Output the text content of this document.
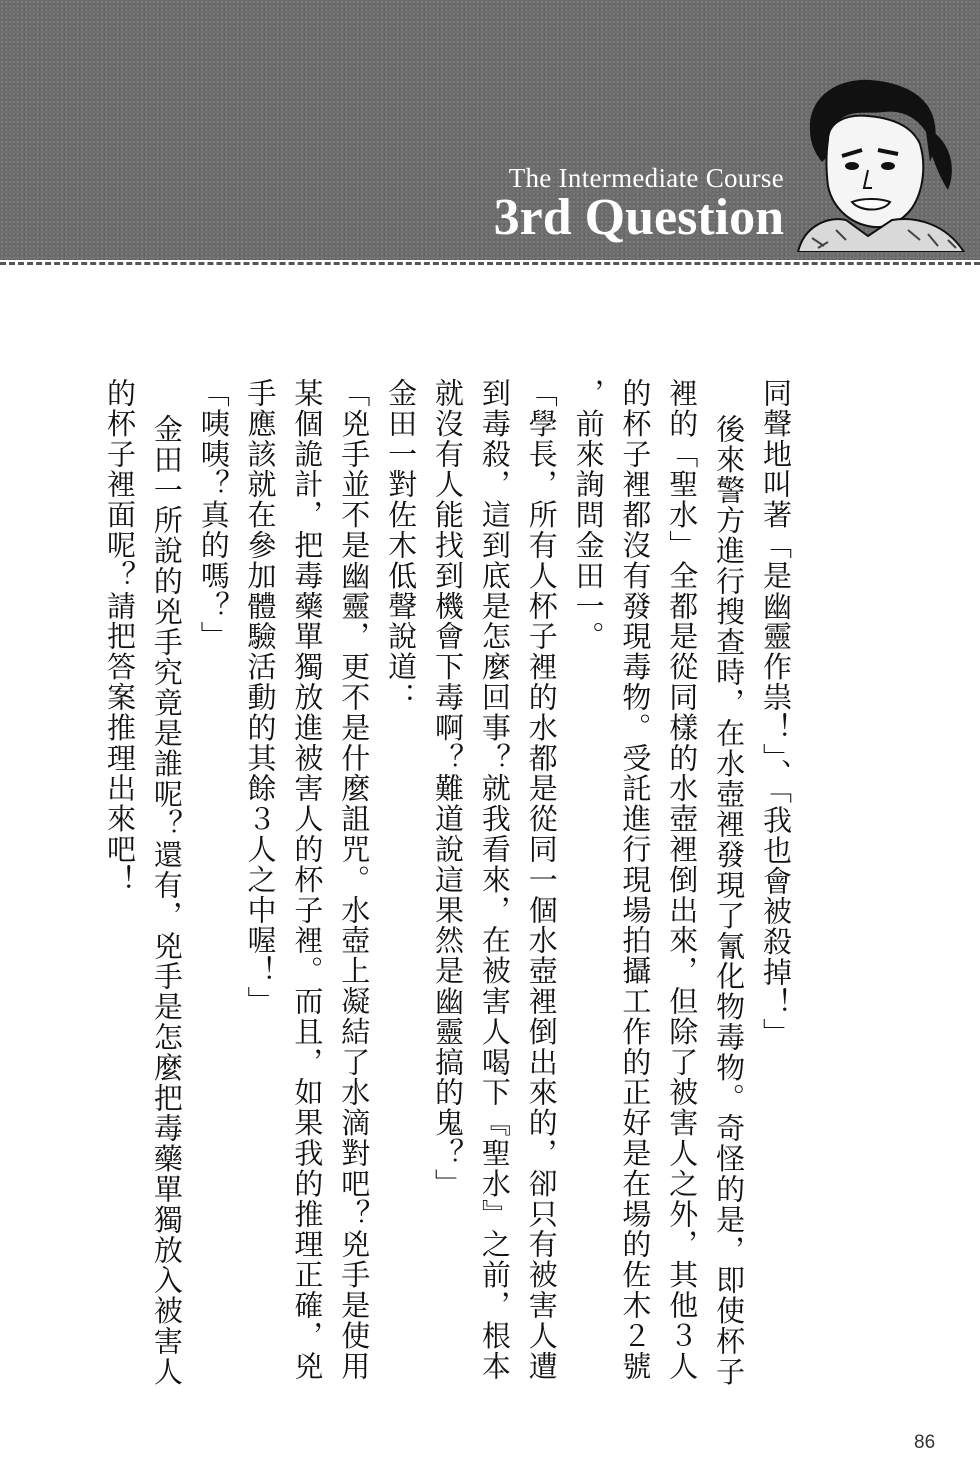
The Intermediate Course
3rd Question
同聲地叫著「是幽靈作祟！」、「我也會被殺掉！」
後來警方進行搜查時，在水壺裡發現了氰化物毒物。奇怪的是，即使杯子
裡的「聖水」全都是從同樣的水壺裡倒出來，但除了被害人之外，其他３人
的杯子裡都沒有發現毒物。受託進行現場拍攝工作的正好是在場的佐木２號
，前來詢問金田一。
「學長，所有人杯子裡的水都是從同一個水壺裡倒出來的，卻只有被害人遭
到毒殺，這到底是怎麼回事？就我看來，在被害人喝下『聖水』之前，根本
就沒有人能找到機會下毒啊？難道說這果然是幽靈搞的鬼？」
金田一對佐木低聲說道：
「兇手並不是幽靈，更不是什麼詛咒。水壺上凝結了水滴對吧？兇手是使用
某個詭計，把毒藥單獨放進被害人的杯子裡。而且，如果我的推理正確，兇
手應該就在參加體驗活動的其餘３人之中喔！」
「咦咦？真的嗎？」
金田一所說的兇手究竟是誰呢？還有，兇手是怎麼把毒藥單獨放入被害人
的杯子裡面呢？請把答案推理出來吧！
86
